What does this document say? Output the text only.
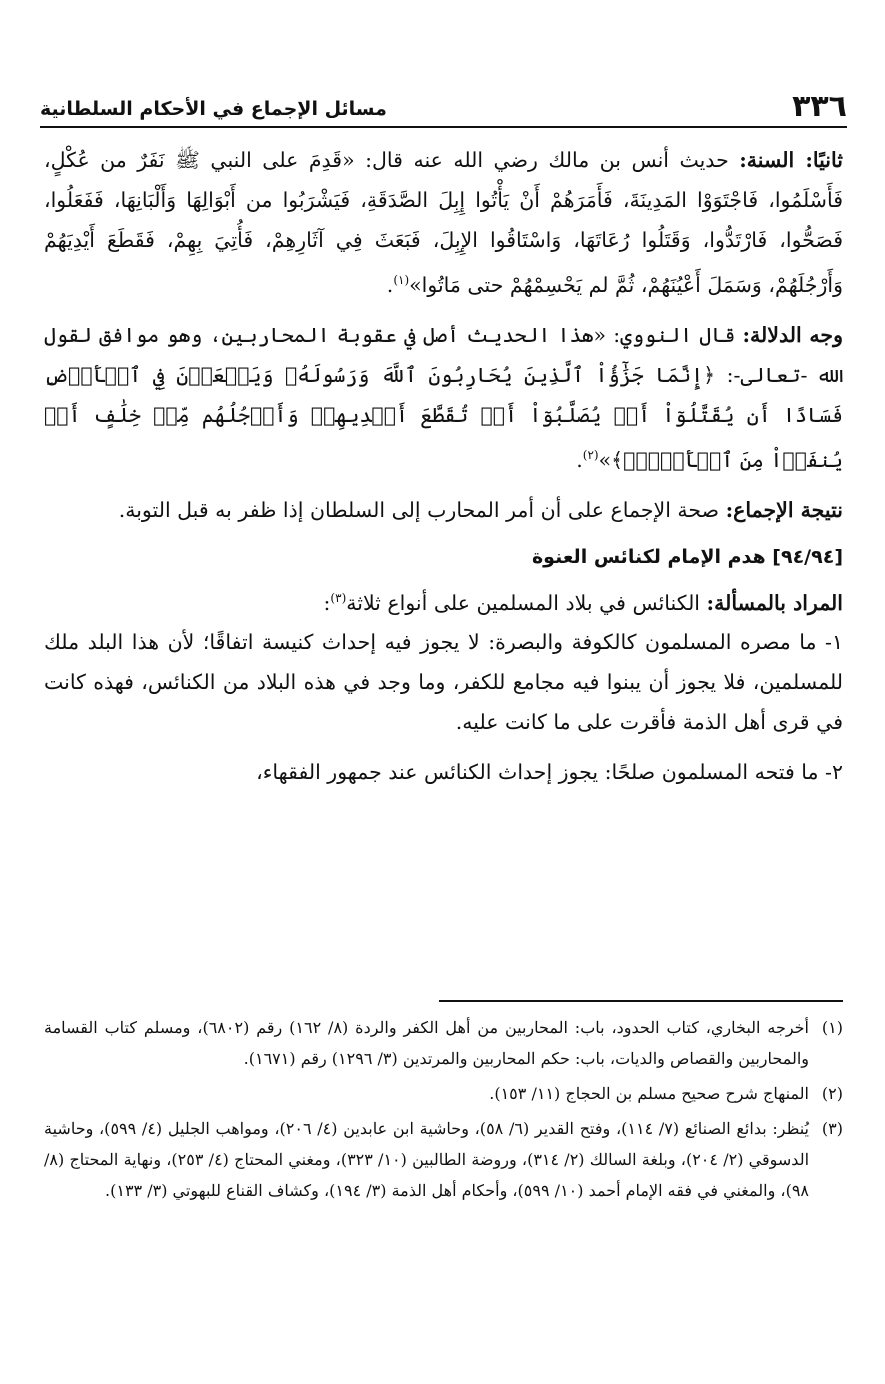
٣٣٦
مسائل الإجماع في الأحكام السلطانية

ثانيًا: السنة: حديث أنس بن مالك رضي الله عنه قال: «قَدِمَ على النبي ﷺ نَفَرٌ من عُكْلٍ، فَأَسْلَمُوا، فَاجْتَوَوْا المَدِينَةَ، فَأَمَرَهُمْ أَنْ يَأْتُوا إِبِلَ الصَّدَقَةِ، فَيَشْرَبُوا من أَبْوَالِهَا وَأَلْبَانِهَا، فَفَعَلُوا، فَصَحُّوا، فَارْتَدُّوا، وَقَتَلُوا رُعَاتَهَا، وَاسْتَاقُوا الإِبِلَ، فَبَعَثَ فِي آثَارِهِمْ، فَأُتِيَ بِهِمْ، فَقَطَعَ أَيْدِيَهُمْ وَأَرْجُلَهُمْ، وَسَمَلَ أَعْيُنَهُمْ، ثُمَّ لم يَحْسِمْهُمْ حتى مَاتُوا»$^{(١)}$.

وجه الدلالة: قال النووي: «هذا الحديث أصل في عقوبة المحاربين، وهو موافق لقول الله -تعالى-: ﴿إِنَّمَا جَزَٰٓؤُاْ ٱلَّذِينَ يُحَارِبُونَ ٱللَّهَ وَرَسُولَهُۥ وَيَسۡعَوۡنَ فِي ٱلۡأَرۡضِ فَسَادًا أَن يُقَتَّلُوٓاْ أَوۡ يُصَلَّبُوٓاْ أَوۡ تُقَطَّعَ أَيۡدِيهِمۡ وَأَرۡجُلُهُم مِّنۡ خِلَٰفٍ أَوۡ يُنفَوۡاْ مِنَ ٱلۡأَرۡضِۚ﴾»$^{(٢)}$.

نتيجة الإجماع: صحة الإجماع على أن أمر المحارب إلى السلطان إذا ظفر به قبل التوبة.

[٩٤/٩٤] هدم الإمام لكنائس العنوة

المراد بالمسألة: الكنائس في بلاد المسلمين على أنواع ثلاثة$^{(٣)}$:

١- ما مصره المسلمون كالكوفة والبصرة: لا يجوز فيه إحداث كنيسة اتفاقًا؛ لأن هذا البلد ملك للمسلمين، فلا يجوز أن يبنوا فيه مجامع للكفر، وما وجد في هذه البلاد من الكنائس، فهذه كانت في قرى أهل الذمة فأقرت على ما كانت عليه.

٢- ما فتحه المسلمون صلحًا: يجوز إحداث الكنائس عند جمهور الفقهاء،

(١)
أخرجه البخاري، كتاب الحدود، باب: المحاربين من أهل الكفر والردة (٨/ ١٦٢) رقم (٦٨٠٢)، ومسلم كتاب القسامة والمحاربين والقصاص والديات، باب: حكم المحاربين والمرتدين (٣/ ١٢٩٦) رقم (١٦٧١).

(٢)
المنهاج شرح صحيح مسلم بن الحجاج (١١/ ١٥٣).

(٣)
يُنظر: بدائع الصنائع (٧/ ١١٤)، وفتح القدير (٦/ ٥٨)، وحاشية ابن عابدين (٤/ ٢٠٦)، ومواهب الجليل (٤/ ٥٩٩)، وحاشية الدسوقي (٢/ ٢٠٤)، وبلغة السالك (٢/ ٣١٤)، وروضة الطالبين (١٠/ ٣٢٣)، ومغني المحتاج (٤/ ٢٥٣)، ونهاية المحتاج (٨/ ٩٨)، والمغني في فقه الإمام أحمد (١٠/ ٥٩٩)، وأحكام أهل الذمة (٣/ ١٩٤)، وكشاف القناع للبهوتي (٣/ ١٣٣).
